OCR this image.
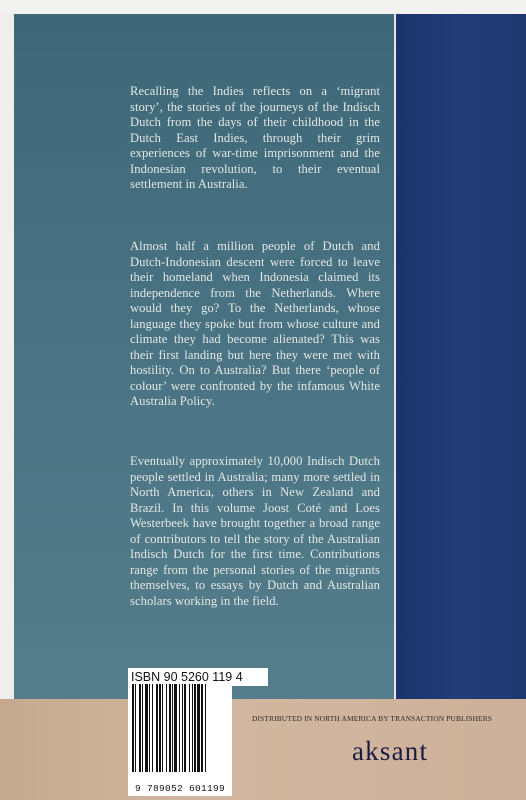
Recalling the Indies reflects on a ‘migrant story’, the stories of the journeys of the Indisch Dutch from the days of their childhood in the Dutch East Indies, through their grim experiences of war-time imprisonment and the Indonesian revolution, to their eventual settlement in Australia.

Almost half a million people of Dutch and Dutch-Indonesian descent were forced to leave their homeland when Indonesia claimed its independence from the Netherlands. Where would they go? To the Netherlands, whose language they spoke but from whose culture and climate they had become alienated? This was their first landing but here they were met with hostility. On to Australia? But there ‘people of colour’ were confronted by the infamous White Australia Policy.

Eventually approximately 10,000 Indisch Dutch people settled in Australia; many more settled in North America, others in New Zealand and Brazil. In this volume Joost Coté and Loes Westerbeek have brought together a broad range of contributors to tell the story of the Australian Indisch Dutch for the first time. Contributions range from the personal stories of the migrants themselves, to essays by Dutch and Australian scholars working in the field.

ISBN 90 5260 119 4
9 789052 601199
DISTRIBUTED IN NORTH AMERICA BY TRANSACTION PUBLISHERS
aksant
